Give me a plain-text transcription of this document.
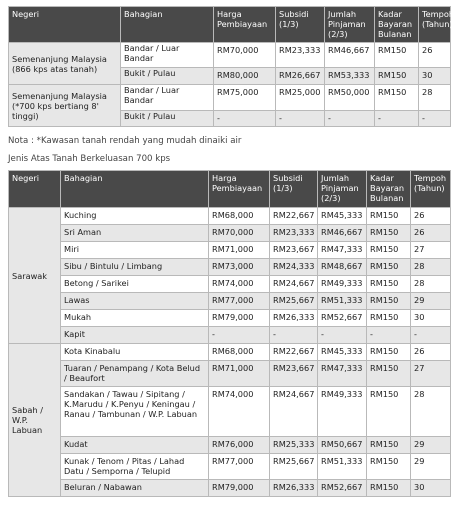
Negeri	Bahagian	Harga Pembiayaan	Subsidi (1/3)	Jumlah Pinjaman (2/3)	Kadar Bayaran Bulanan	Tempoh (Tahun)
Semenanjung Malaysia (866 kps atas tanah)	Bandar / Luar Bandar	RM70,000	RM23,333	RM46,667	RM150	26
	Bukit / Pulau	RM80,000	RM26,667	RM53,333	RM150	30
Semenanjung Malaysia (*700 kps bertiang 8' tinggi)	Bandar / Luar Bandar	RM75,000	RM25,000	RM50,000	RM150	28
	Bukit / Pulau	-	-	-	-	-
Nota : *Kawasan tanah rendah yang mudah dinaiki air
Jenis Atas Tanah Berkeluasan 700 kps
Negeri	Bahagian	Harga Pembiayaan	Subsidi (1/3)	Jumlah Pinjaman (2/3)	Kadar Bayaran Bulanan	Tempoh (Tahun)
Sarawak	Kuching	RM68,000	RM22,667	RM45,333	RM150	26
	Sri Aman	RM70,000	RM23,333	RM46,667	RM150	26
	Miri	RM71,000	RM23,667	RM47,333	RM150	27
	Sibu / Bintulu / Limbang	RM73,000	RM24,333	RM48,667	RM150	28
	Betong / Sarikei	RM74,000	RM24,667	RM49,333	RM150	28
	Lawas	RM77,000	RM25,667	RM51,333	RM150	29
	Mukah	RM79,000	RM26,333	RM52,667	RM150	30
	Kapit	-	-	-	-	-
Sabah / W.P. Labuan	Kota Kinabalu	RM68,000	RM22,667	RM45,333	RM150	26
	Tuaran / Penampang / Kota Belud / Beaufort	RM71,000	RM23,667	RM47,333	RM150	27
	Sandakan / Tawau / Sipitang / K.Marudu / K.Penyu / Keningau / Ranau / Tambunan / W.P. Labuan	RM74,000	RM24,667	RM49,333	RM150	28
	Kudat	RM76,000	RM25,333	RM50,667	RM150	29
	Kunak / Tenom / Pitas / Lahad Datu / Semporna / Telupid	RM77,000	RM25,667	RM51,333	RM150	29
	Beluran / Nabawan	RM79,000	RM26,333	RM52,667	RM150	30
